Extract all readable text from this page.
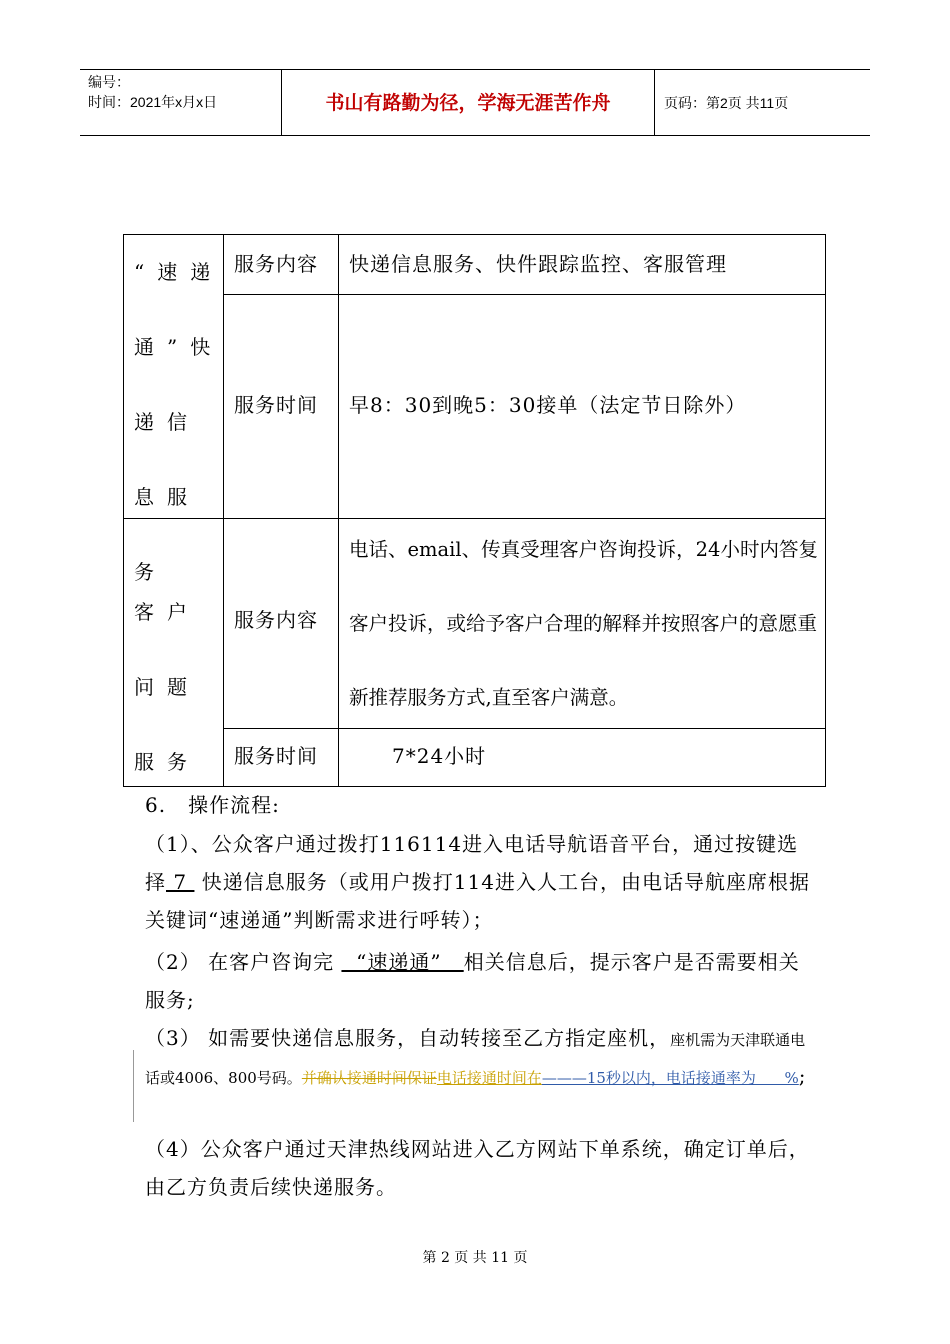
编号：
时间：2021年x月x日	书山有路勤为径，学海无涯苦作舟	页码：第2页 共11页
“速递通”快递信息服务
服务内容 快递信息服务、快件跟踪监控、客服管理
服务时间 早8：30到晚5：30接单（法定节日除外）
客户问题服务
服务内容
电话、email、传真受理客户咨询投诉，24小时内答复客户投诉，或给予客户合理的解释并按照客户的意愿重新推荐服务方式,直至客户满意。
服务时间	7*24小时
6.   操作流程:
（1）、公众客户通过拨打116114进入电话导航语音平台，通过按键选择 7  快递信息服务（或用户拨打114进入人工台，由电话导航座席根据关键词“速递通”判断需求进行呼转）；
（2） 在客户咨询完   “速递通”   相关信息后，提示客户是否需要相关服务;
（3） 如需要快递信息服务，自动转接至乙方指定座机，座机需为天津联通电话或4006、800号码。并确认接通时间保证电话接通时间在———15秒以内，电话接通率为      %;
（4）公众客户通过天津热线网站进入乙方网站下单系统，确定订单后，由乙方负责后续快递服务。
第 2 页 共 11 页
